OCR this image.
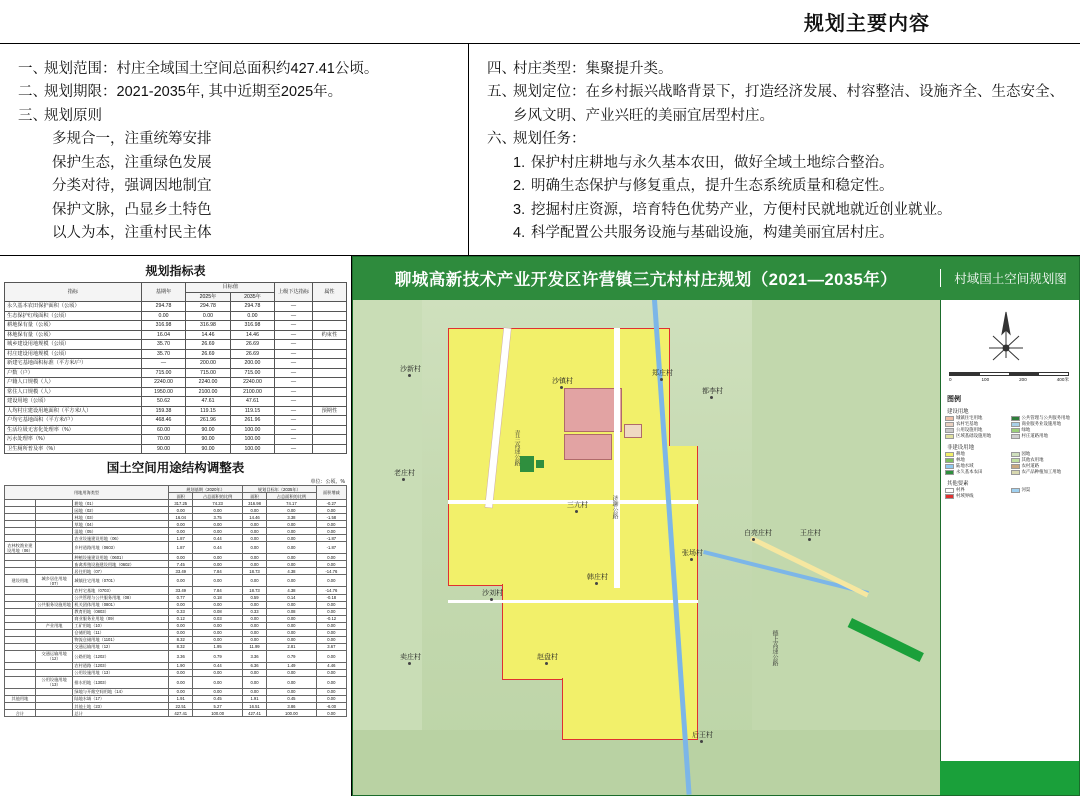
规划主要内容
一、
规划范围：村庄全域国土空间总面积约427.41公顷。
二、
规划期限：2021-2035年, 其中近期至2025年。
三、
规划原则
多规合一，注重统筹安排
保护生态，注重绿色发展
分类对待，强调因地制宜
保护文脉，凸显乡土特色
以人为本，注重村民主体
四、
村庄类型：集聚提升类。
五、
规划定位：在乡村振兴战略背景下，打造经济发展、村容整洁、设施齐全、生态安全、乡风文明、产业兴旺的美丽宜居型村庄。
六、
规划任务：
1. 保护村庄耕地与永久基本农田，做好全域土地综合整治。
2. 明确生态保护与修复重点，提升生态系统质量和稳定性。
3. 挖掘村庄资源，培育特色优势产业，方便村民就地就近创业就业。
4. 科学配置公共服务设施与基础设施，构建美丽宜居村庄。
规划指标表
指标	基期年	目标值		上级下达指标	属性
		2025年	2035年		
永久基本农田保护面积（公顷）	294.78	294.78	294.78	—	
生态保护红线面积（公顷）	0.00	0.00	0.00	—	
耕地保有量（公顷）	316.98	316.98	316.98	—	
林地保有量（公顷）	16.04	14.46	14.46	—	约束性
城乡建设用地规模（公顷）	35.70	26.69	26.69	—	
村庄建设用地规模（公顷）	35.70	26.69	26.69	—	
新建宅基地面积标准（平方米/户）	—	200.00	200.00	—	
户数（户）	715.00	715.00	715.00	—	
户籍人口规模（人）	2240.00	2240.00	2240.00	—	
常住人口规模（人）	1950.00	2100.00	2100.00	—	
建设用地（公顷）	50.62	47.61	47.61	—	
人均村庄建设用地面积（平方米/人）	159.38	119.15	119.15	—	预期性
户均宅基地面积（平方米/户）	468.46	261.96	261.96	—	
生活垃圾无害化处理率（%）	60.00	90.00	100.00	—	
污水处理率（%）	70.00	90.00	100.00	—	
卫生厕所普及率（%）	90.00	90.00	100.00	—	
国土空间用途结构调整表
单位：公顷、%
用地用海类型			规划基期（2020年）		规划目标年（2035年）		面积增减
			面积	占总面积的比例	面积	占总面积的比例	
		耕地（01）	317.25	74.23	316.98	74.17	-0.27
		园地（02）	0.00	0.00	0.00	0.00	0.00
		林地（03）	16.04	3.75	14.46	3.38	-1.58
		草地（04）	0.00	0.00	0.00	0.00	0.00
		湿地（05）	0.00	0.00	0.00	0.00	0.00
		农业设施建设用地（06）	1.87	0.44	0.00	0.00	-1.87
农林牧渔业建设用地（06）		乡村道路用地（0603）	1.87	0.44	0.00	0.00	-1.87
		种植设施建设用地（0601）	0.00	0.00	0.00	0.00	0.00
		畜禽养殖设施建设用地（0602）	7.45	0.00	0.00	0.00	0.00
		居住用地（07）	33.49	7.84	18.73	4.38	-14.76
建设用地	城乡居住用地（07）	城镇住宅用地（0701）	0.00	0.00	0.00	0.00	0.00
		农村宅基地（0703）	33.49	7.84	18.73	4.38	-14.76
		公共管理与公共服务用地（08）	0.77	0.18	0.59	0.14	-0.18
	公共服务设施用地	机关团体用地（0801）	0.00	0.00	0.00	0.00	0.00
		教育用地（0803）	0.33	0.08	0.33	0.08	0.00
		商业服务业用地（09）	0.12	0.03	0.00	0.00	-0.12
	产业用地	工矿用地（10）	0.00	0.00	0.00	0.00	0.00
		仓储用地（11）	0.00	0.00	0.00	0.00	0.00
		物流仓储用地（1101）	8.32	0.00	0.00	0.00	0.00
		交通运输用地（12）	8.32	1.95	11.99	2.81	3.67
	交通运输用地（12）	公路用地（1202）	3.36	0.79	3.36	0.79	0.00
		农村道路（1203）	1.90	0.44	6.36	1.49	4.46
		公用设施用地（13）	0.00	0.00	0.00	0.00	0.00
	公用设施用地（13）	排水用地（1303）	0.00	0.00	0.00	0.00	0.00
		绿地与开敞空间用地（14）	0.00	0.00	0.00	0.00	0.00
其他用地		陆地水域（17）	1.91	0.45	1.91	0.45	0.00
		其他土地（23）	22.51	5.27	16.51	3.86	-6.00
合计		总计	427.41	100.00	427.41	100.00	0.00
聊城高新技术产业开发区许营镇三亢村村庄规划（2021—2035年）	村域国土空间规划图
沙新村
沙镇村
郑庄村
都李村
老庄村
三亢村
张场村
白亮庄村	王庄村
韩庄村
沙刘村
卖庄村	赵盘村
后王村
青兰高速公路
济聊公路
德上高速公路
0	100	200	400米
图例
建设用地
城镇住宅用地
农村宅基地
公用设施用地
区域基础设施用地
公共管理与公共服务用地
商业服务业设施用地
绿地
村庄道路用地
非建设用地
耕地
林地
陆地水域
永久基本农田
园地
其他农用地
农村道路
农产品种植加工用地
其他要素
村界
村域界线
河渠
